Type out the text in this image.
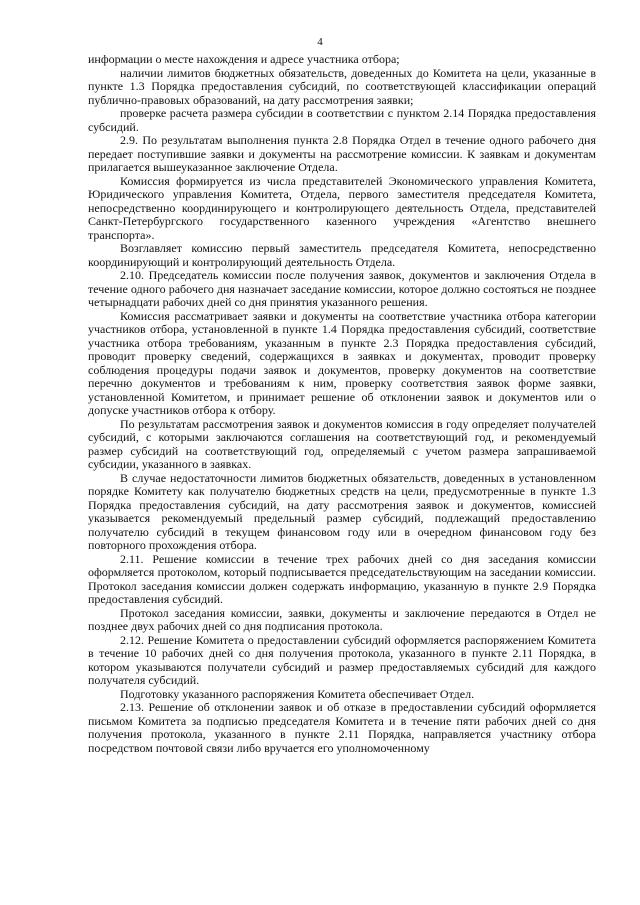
4

информации о месте нахождения и адресе участника отбора;

наличии лимитов бюджетных обязательств, доведенных до Комитета на цели, указанные в пункте 1.3 Порядка предоставления субсидий, по соответствующей классификации операций публично-правовых образований, на дату рассмотрения заявки;

проверке расчета размера субсидии в соответствии с пунктом 2.14 Порядка предоставления субсидий.

2.9. По результатам выполнения пункта 2.8 Порядка Отдел в течение одного рабочего дня передает поступившие заявки и документы на рассмотрение комиссии. К заявкам и документам прилагается вышеуказанное заключение Отдела.

Комиссия формируется из числа представителей Экономического управления Комитета, Юридического управления Комитета, Отдела, первого заместителя председателя Комитета, непосредственно координирующего и контролирующего деятельность Отдела, представителей Санкт-Петербургского государственного казенного учреждения «Агентство внешнего транспорта».

Возглавляет комиссию первый заместитель председателя Комитета, непосредственно координирующий и контролирующий деятельность Отдела.

2.10. Председатель комиссии после получения заявок, документов и заключения Отдела в течение одного рабочего дня назначает заседание комиссии, которое должно состояться не позднее четырнадцати рабочих дней со дня принятия указанного решения.

Комиссия рассматривает заявки и документы на соответствие участника отбора категории участников отбора, установленной в пункте 1.4 Порядка предоставления субсидий, соответствие участника отбора требованиям, указанным в пункте 2.3 Порядка предоставления субсидий, проводит проверку сведений, содержащихся в заявках и документах, проводит проверку соблюдения процедуры подачи заявок и документов, проверку документов на соответствие перечню документов и требованиям к ним, проверку соответствия заявок форме заявки, установленной Комитетом, и принимает решение об отклонении заявок и документов или о допуске участников отбора к отбору.

По результатам рассмотрения заявок и документов комиссия в году определяет получателей субсидий, с которыми заключаются соглашения на соответствующий год, и рекомендуемый размер субсидий на соответствующий год, определяемый с учетом размера запрашиваемой субсидии, указанного в заявках.

В случае недостаточности лимитов бюджетных обязательств, доведенных в установленном порядке Комитету как получателю бюджетных средств на цели, предусмотренные в пункте 1.3 Порядка предоставления субсидий, на дату рассмотрения заявок и документов, комиссией указывается рекомендуемый предельный размер субсидий, подлежащий предоставлению получателю субсидий в текущем финансовом году или в очередном финансовом году без повторного прохождения отбора.

2.11. Решение комиссии в течение трех рабочих дней со дня заседания комиссии оформляется протоколом, который подписывается председательствующим на заседании комиссии. Протокол заседания комиссии должен содержать информацию, указанную в пункте 2.9 Порядка предоставления субсидий.

Протокол заседания комиссии, заявки, документы и заключение передаются в Отдел не позднее двух рабочих дней со дня подписания протокола.

2.12. Решение Комитета о предоставлении субсидий оформляется распоряжением Комитета в течение 10 рабочих дней со дня получения протокола, указанного в пункте 2.11 Порядка, в котором указываются получатели субсидий и размер предоставляемых субсидий для каждого получателя субсидий.

Подготовку указанного распоряжения Комитета обеспечивает Отдел.

2.13. Решение об отклонении заявок и об отказе в предоставлении субсидий оформляется письмом Комитета за подписью председателя Комитета и в течение пяти рабочих дней со дня получения протокола, указанного в пункте 2.11 Порядка, направляется участнику отбора посредством почтовой связи либо вручается его уполномоченному
